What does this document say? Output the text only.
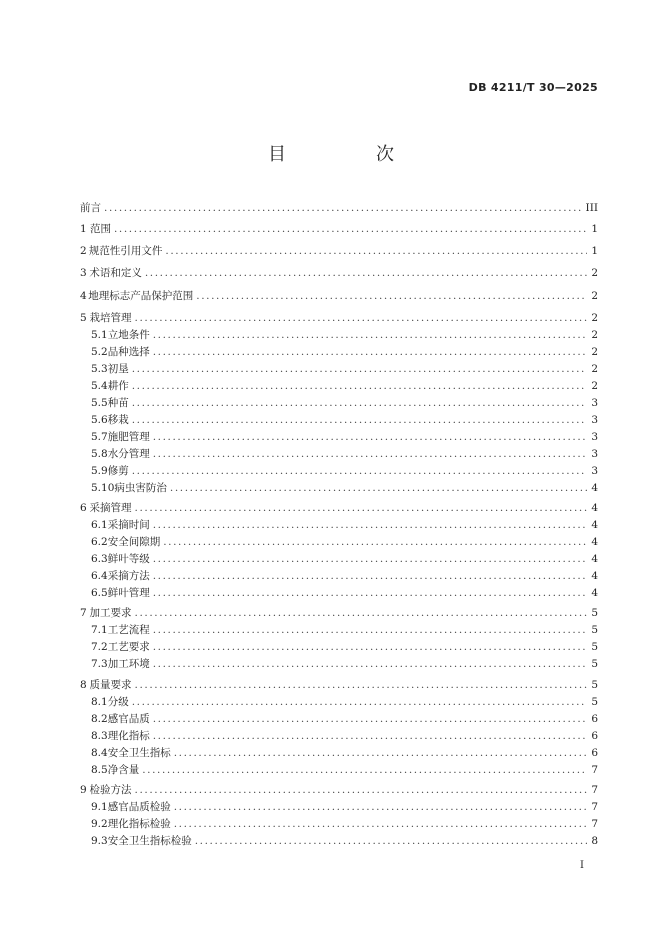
DB 4211/T 30—2025
目　次
前言 .....	III
1 范围 .....	1
2 规范性引用文件 .....	1
3 术语和定义 .....	2
4 地理标志产品保护范围 .....	2
5 栽培管理 .....	2
5.1 立地条件 .....	2
5.2 品种选择 .....	2
5.3 初垦 .....	2
5.4 耕作 .....	2
5.5 种苗 .....	3
5.6 移栽 .....	3
5.7 施肥管理 .....	3
5.8 水分管理 .....	3
5.9 修剪 .....	3
5.10 病虫害防治 .....	4
6 采摘管理 .....	4
6.1 采摘时间 .....	4
6.2 安全间隙期 .....	4
6.3 鲜叶等级 .....	4
6.4 采摘方法 .....	4
6.5 鲜叶管理 .....	4
7 加工要求 .....	5
7.1 工艺流程 .....	5
7.2 工艺要求 .....	5
7.3 加工环境 .....	5
8 质量要求 .....	5
8.1 分级 .....	5
8.2 感官品质 .....	6
8.3 理化指标 .....	6
8.4 安全卫生指标 .....	6
8.5 净含量 .....	7
9 检验方法 .....	7
9.1 感官品质检验 .....	7
9.2 理化指标检验 .....	7
9.3 安全卫生指标检验 .....	8
I
